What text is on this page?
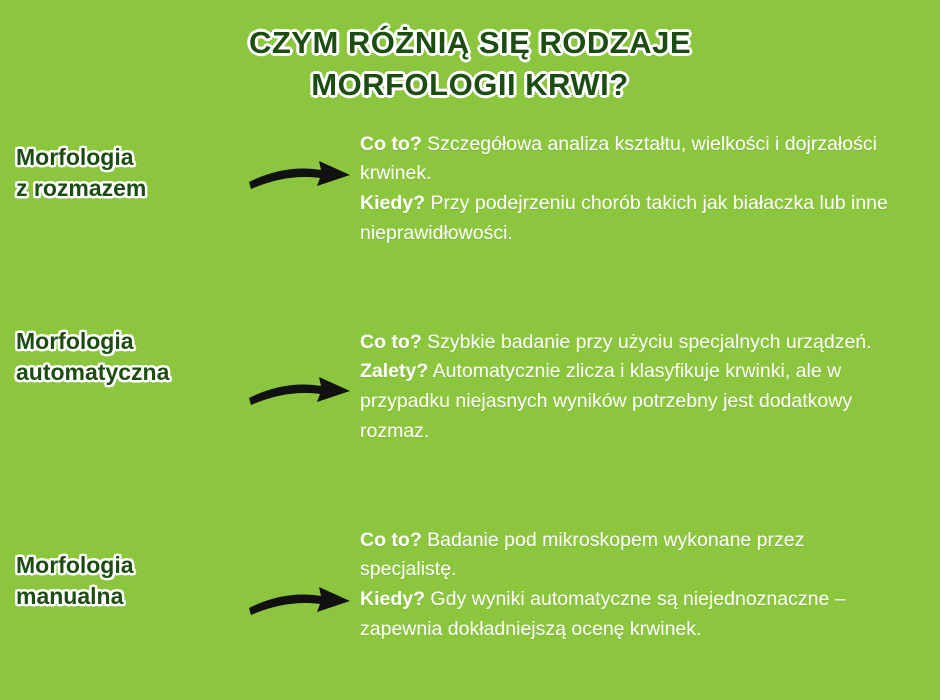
CZYM RÓŻNIĄ SIĘ RODZAJE
MORFOLOGII KRWI?
Morfologia
z rozmazem

Co to? Szczegółowa analiza kształtu, wielkości i dojrzałości krwinek.

Kiedy? Przy podejrzeniu chorób takich jak białaczka lub inne nieprawidłowości.

Morfologia
automatyczna

Co to? Szybkie badanie przy użyciu specjalnych urządzeń.

Zalety? Automatycznie zlicza i klasyfikuje krwinki, ale w przypadku niejasnych wyników potrzebny jest dodatkowy rozmaz.

Morfologia
manualna

Co to? Badanie pod mikroskopem wykonane przez specjalistę.

Kiedy? Gdy wyniki automatyczne są niejednoznaczne – zapewnia dokładniejszą ocenę krwinek.
